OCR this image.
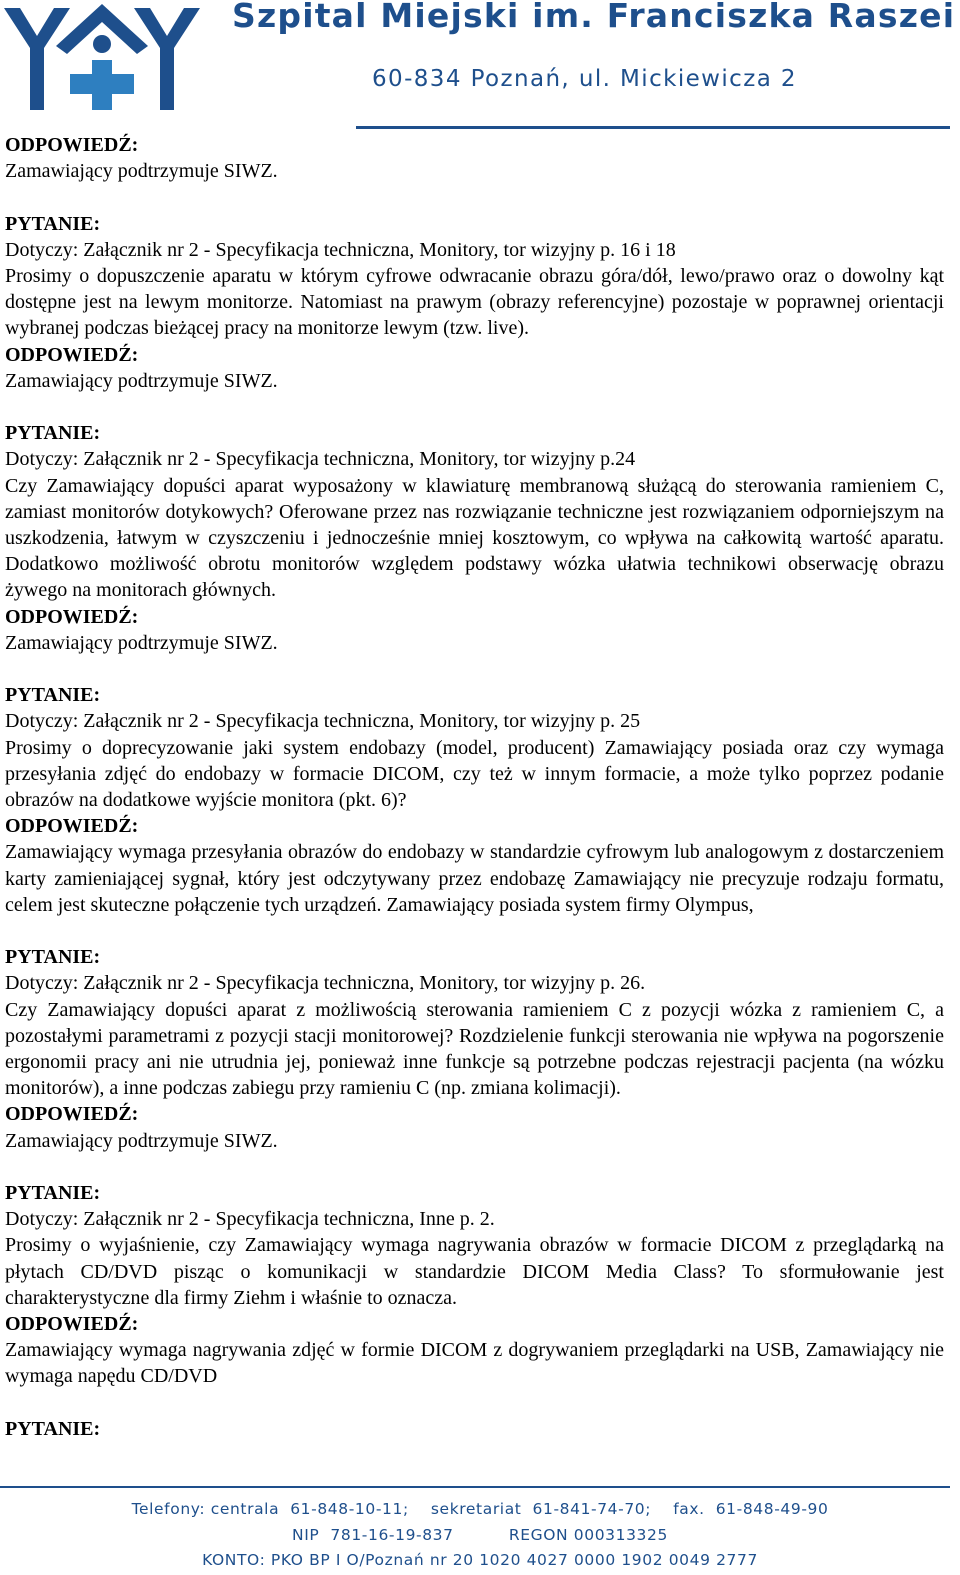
Szpital Miejski im. Franciszka Raszei
60-834 Poznań, ul. Mickiewicza 2

ODPOWIEDŹ:

Zamawiający podtrzymuje SIWZ.

PYTANIE:

Dotyczy: Załącznik nr 2 - Specyfikacja techniczna, Monitory, tor wizyjny p. 16 i 18

Prosimy o dopuszczenie aparatu w którym cyfrowe odwracanie obrazu góra/dół, lewo/prawo oraz o dowolny kąt dostępne jest na lewym monitorze. Natomiast na prawym (obrazy referencyjne) pozostaje w poprawnej orientacji wybranej podczas bieżącej pracy na monitorze lewym (tzw. live).

ODPOWIEDŹ:

Zamawiający podtrzymuje SIWZ.

PYTANIE:

Dotyczy: Załącznik nr 2 - Specyfikacja techniczna, Monitory, tor wizyjny p.24

Czy Zamawiający dopuści aparat wyposażony w klawiaturę membranową służącą do sterowania ramieniem C, zamiast monitorów dotykowych? Oferowane przez nas rozwiązanie techniczne jest rozwiązaniem odporniejszym na uszkodzenia, łatwym w czyszczeniu i jednocześnie mniej kosztowym, co wpływa na całkowitą wartość aparatu. Dodatkowo możliwość obrotu monitorów względem podstawy wózka ułatwia technikowi obserwację obrazu żywego na monitorach głównych.

ODPOWIEDŹ:

Zamawiający podtrzymuje SIWZ.

PYTANIE:

Dotyczy: Załącznik nr 2 - Specyfikacja techniczna, Monitory, tor wizyjny p. 25

Prosimy o doprecyzowanie jaki system endobazy (model, producent) Zamawiający posiada oraz czy wymaga przesyłania zdjęć do endobazy w formacie DICOM, czy też w innym formacie, a może tylko poprzez podanie obrazów na dodatkowe wyjście monitora (pkt. 6)?

ODPOWIEDŹ:

Zamawiający wymaga przesyłania obrazów do endobazy w standardzie cyfrowym lub analogowym z dostarczeniem karty zamieniającej sygnał, który jest odczytywany przez endobazę Zamawiający nie precyzuje rodzaju formatu, celem jest skuteczne połączenie tych urządzeń. Zamawiający posiada system firmy Olympus,

PYTANIE:

Dotyczy: Załącznik nr 2 - Specyfikacja techniczna, Monitory, tor wizyjny p. 26.

Czy Zamawiający dopuści aparat z możliwością sterowania ramieniem C z pozycji wózka z ramieniem C, a pozostałymi parametrami z pozycji stacji monitorowej? Rozdzielenie funkcji sterowania nie wpływa na pogorszenie ergonomii pracy ani nie utrudnia jej, ponieważ inne funkcje są potrzebne podczas rejestracji pacjenta (na wózku monitorów), a inne podczas zabiegu przy ramieniu C (np. zmiana kolimacji).

ODPOWIEDŹ:

Zamawiający podtrzymuje SIWZ.

PYTANIE:

Dotyczy: Załącznik nr 2 - Specyfikacja techniczna, Inne p. 2.

Prosimy o wyjaśnienie, czy Zamawiający wymaga nagrywania obrazów w formacie DICOM z przeglądarką na płytach CD/DVD pisząc o komunikacji w standardzie DICOM Media Class? To sformułowanie jest charakterystyczne dla firmy Ziehm i właśnie to oznacza.

ODPOWIEDŹ:

Zamawiający wymaga nagrywania zdjęć w formie DICOM z dogrywaniem przeglądarki na USB, Zamawiający nie wymaga napędu CD/DVD

PYTANIE:

Telefony: centrala  61-848-10-11;    sekretariat  61-841-74-70;    fax.  61-848-49-90
NIP  781-16-19-837          REGON 000313325
KONTO: PKO BP I O/Poznań nr 20 1020 4027 0000 1902 0049 2777
